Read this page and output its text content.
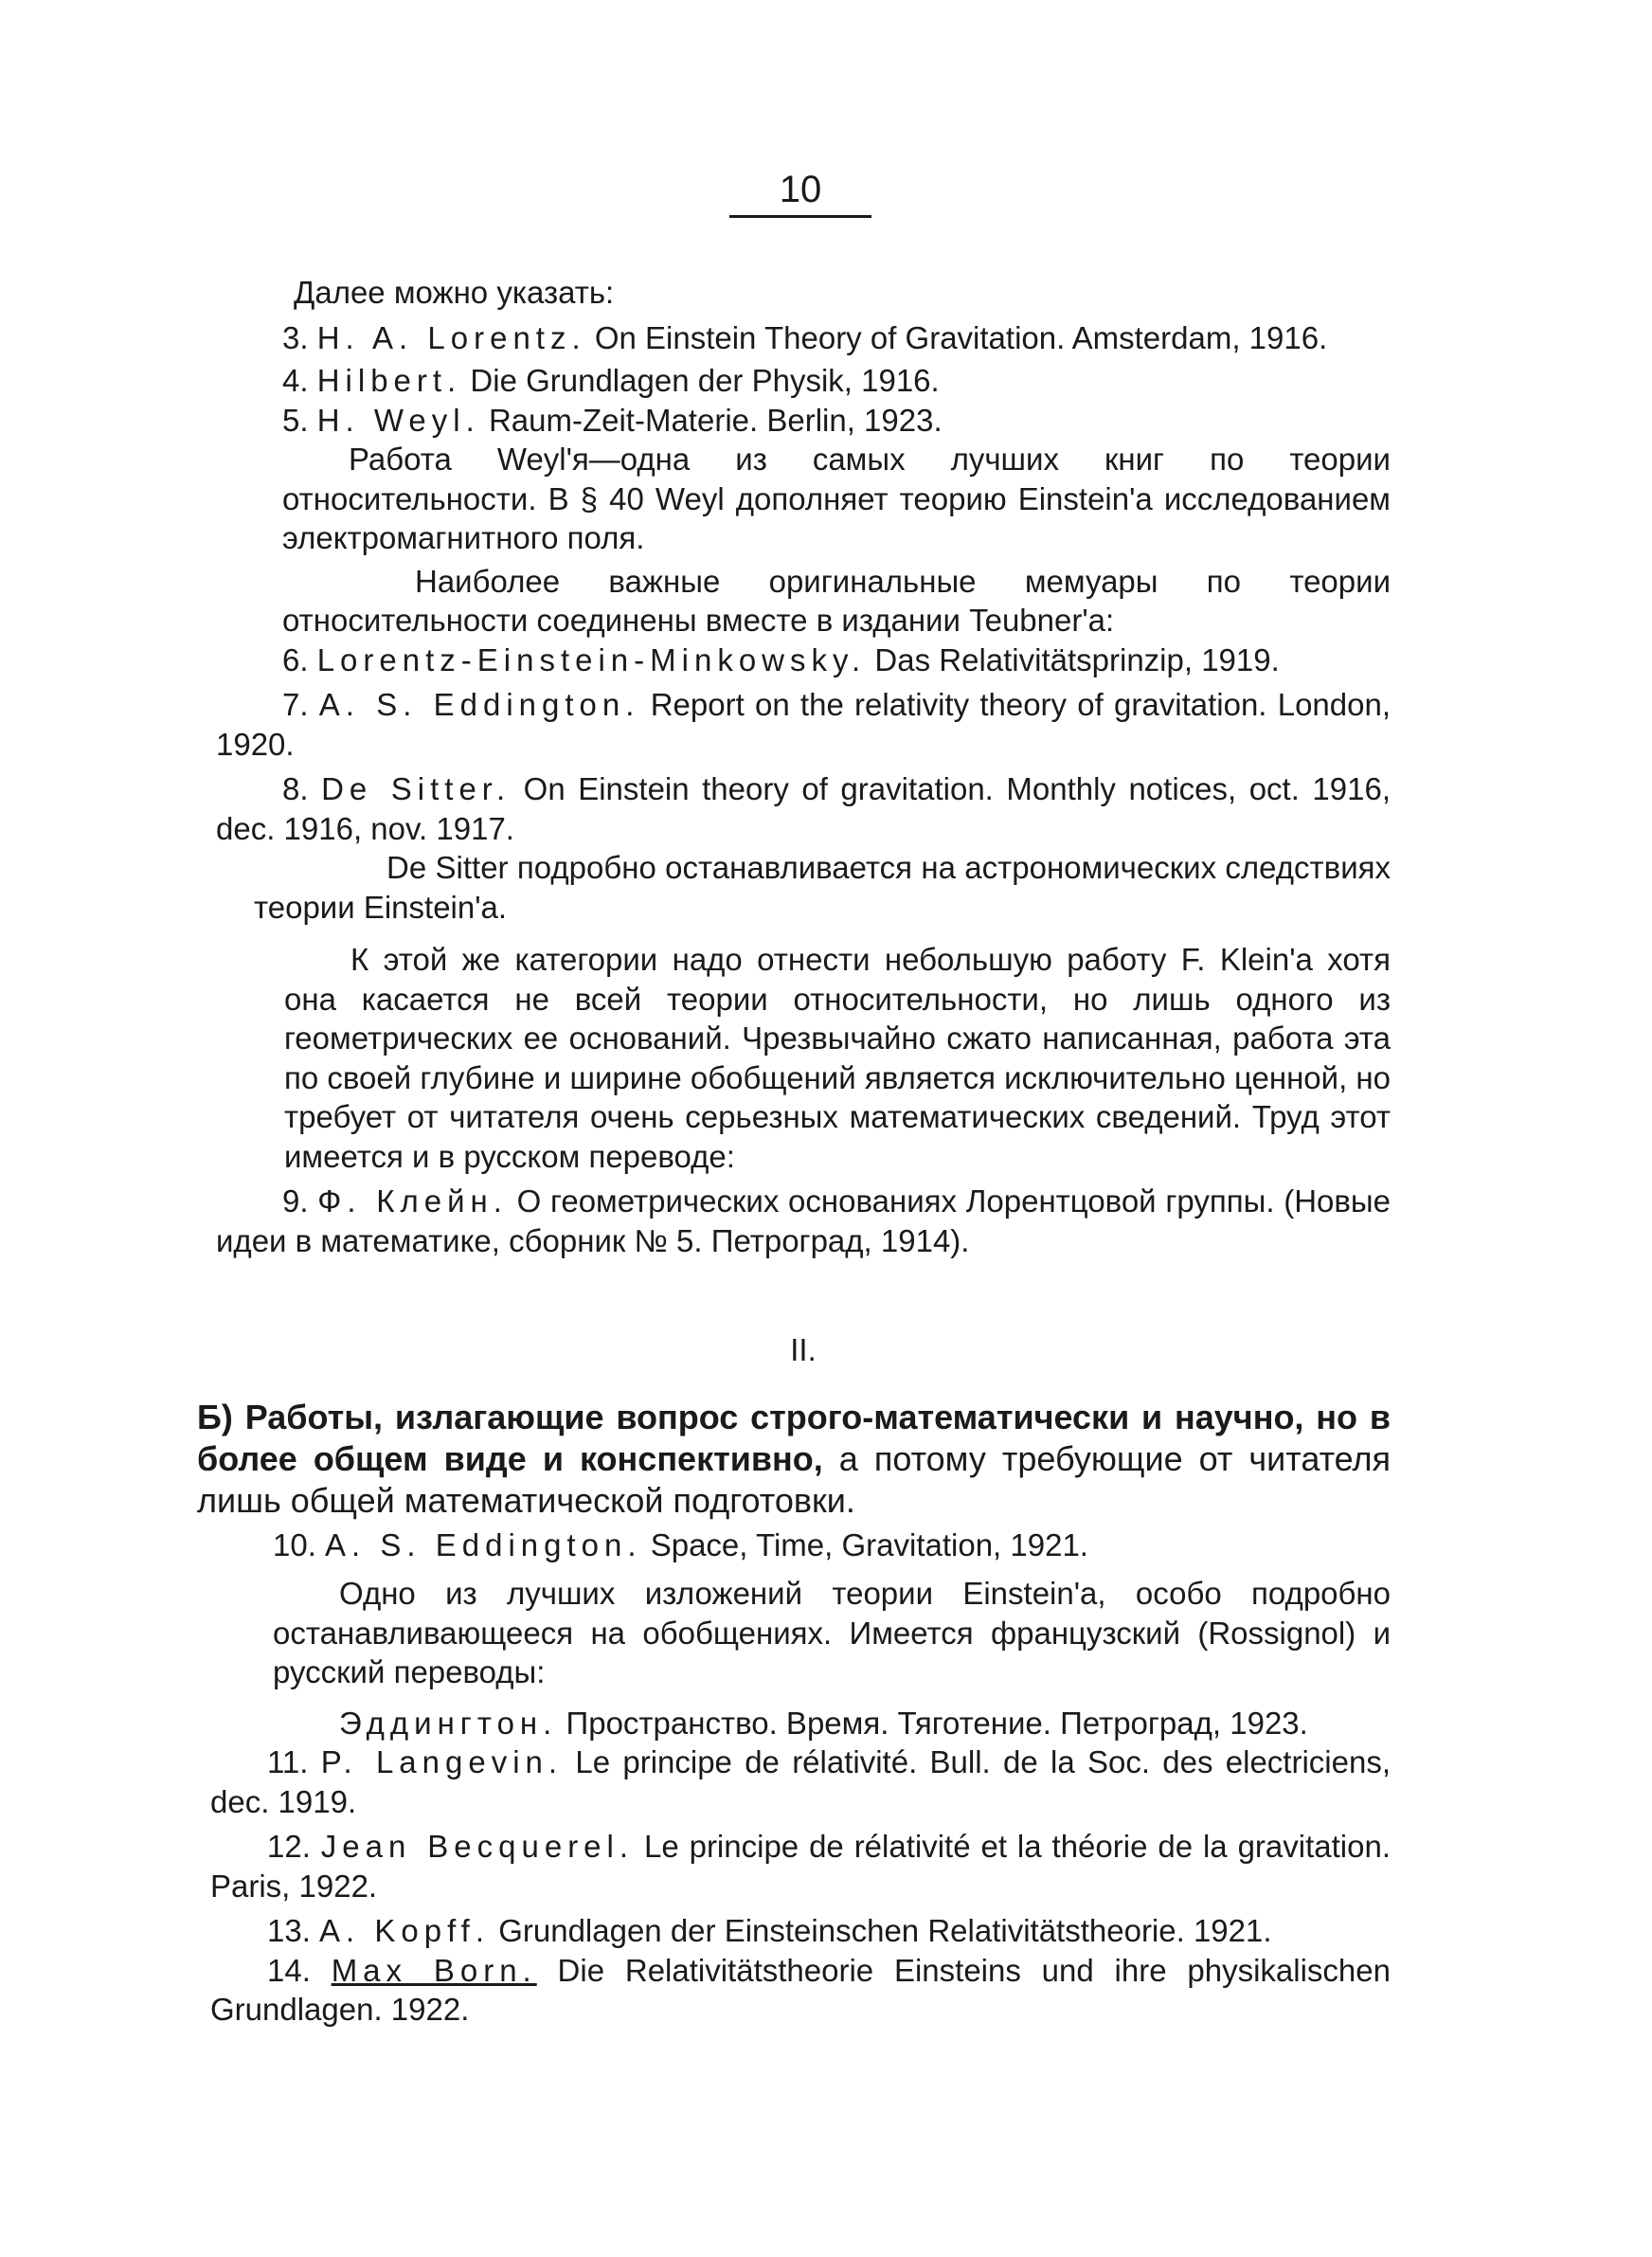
10

Далее можно указать:

3. H. A. Lorentz. On Einstein Theory of Gravitation. Amsterdam, 1916.

4. Hilbert. Die Grundlagen der Physik, 1916.

5. H. Weyl. Raum-Zeit-Materie. Berlin, 1923.

Работа Weyl'я—одна из самых лучших книг по теории относительности. В § 40 Weyl дополняет теорию Einstein'a исследованием электромагнитного поля.

Наиболее важные оригинальные мемуары по теории относительности соединены вместе в издании Teubner'a:

6. Lorentz-Einstein-Minkowsky. Das Relativitätsprinzip, 1919.

7. A. S. Eddington. Report on the relativity theory of gravitation. London, 1920.

8. De Sitter. On Einstein theory of gravitation. Monthly notices, oct. 1916, dec. 1916, nov. 1917.

De Sitter подробно останавливается на астрономических следствиях теории Einstein'a.

К этой же категории надо отнести небольшую работу F. Klein'a хотя она касается не всей теории относительности, но лишь одного из геометрических ее оснований. Чрезвычайно сжато написанная, работа эта по своей глубине и ширине обобщений является исключительно ценной, но требует от читателя очень серьезных математических сведений. Труд этот имеется и в русском переводе:

9. Ф. Клейн. О геометрических основаниях Лорентцовой группы. (Новые идеи в математике, сборник № 5. Петроград, 1914).

II.

Б) Работы, излагающие вопрос строго-математически и научно, но в более общем виде и конспективно, а потому требующие от читателя лишь общей математической подготовки.

10. A. S. Eddington. Space, Time, Gravitation, 1921.

Одно из лучших изложений теории Einstein'a, особо подробно останавливающееся на обобщениях. Имеется французский (Rossignol) и русский переводы:

Эддингтон. Пространство. Время. Тяготение. Петроград, 1923.

11. P. Langevin. Le principe de rélativité. Bull. de la Soc. des electriciens, dec. 1919.

12. Jean Becquerel. Le principe de rélativité et la théorie de la gravitation. Paris, 1922.

13. A. Kopff. Grundlagen der Einsteinschen Relativitätstheorie. 1921.

14. Max Born. Die Relativitätstheorie Einsteins und ihre physikalischen Grundlagen. 1922.
